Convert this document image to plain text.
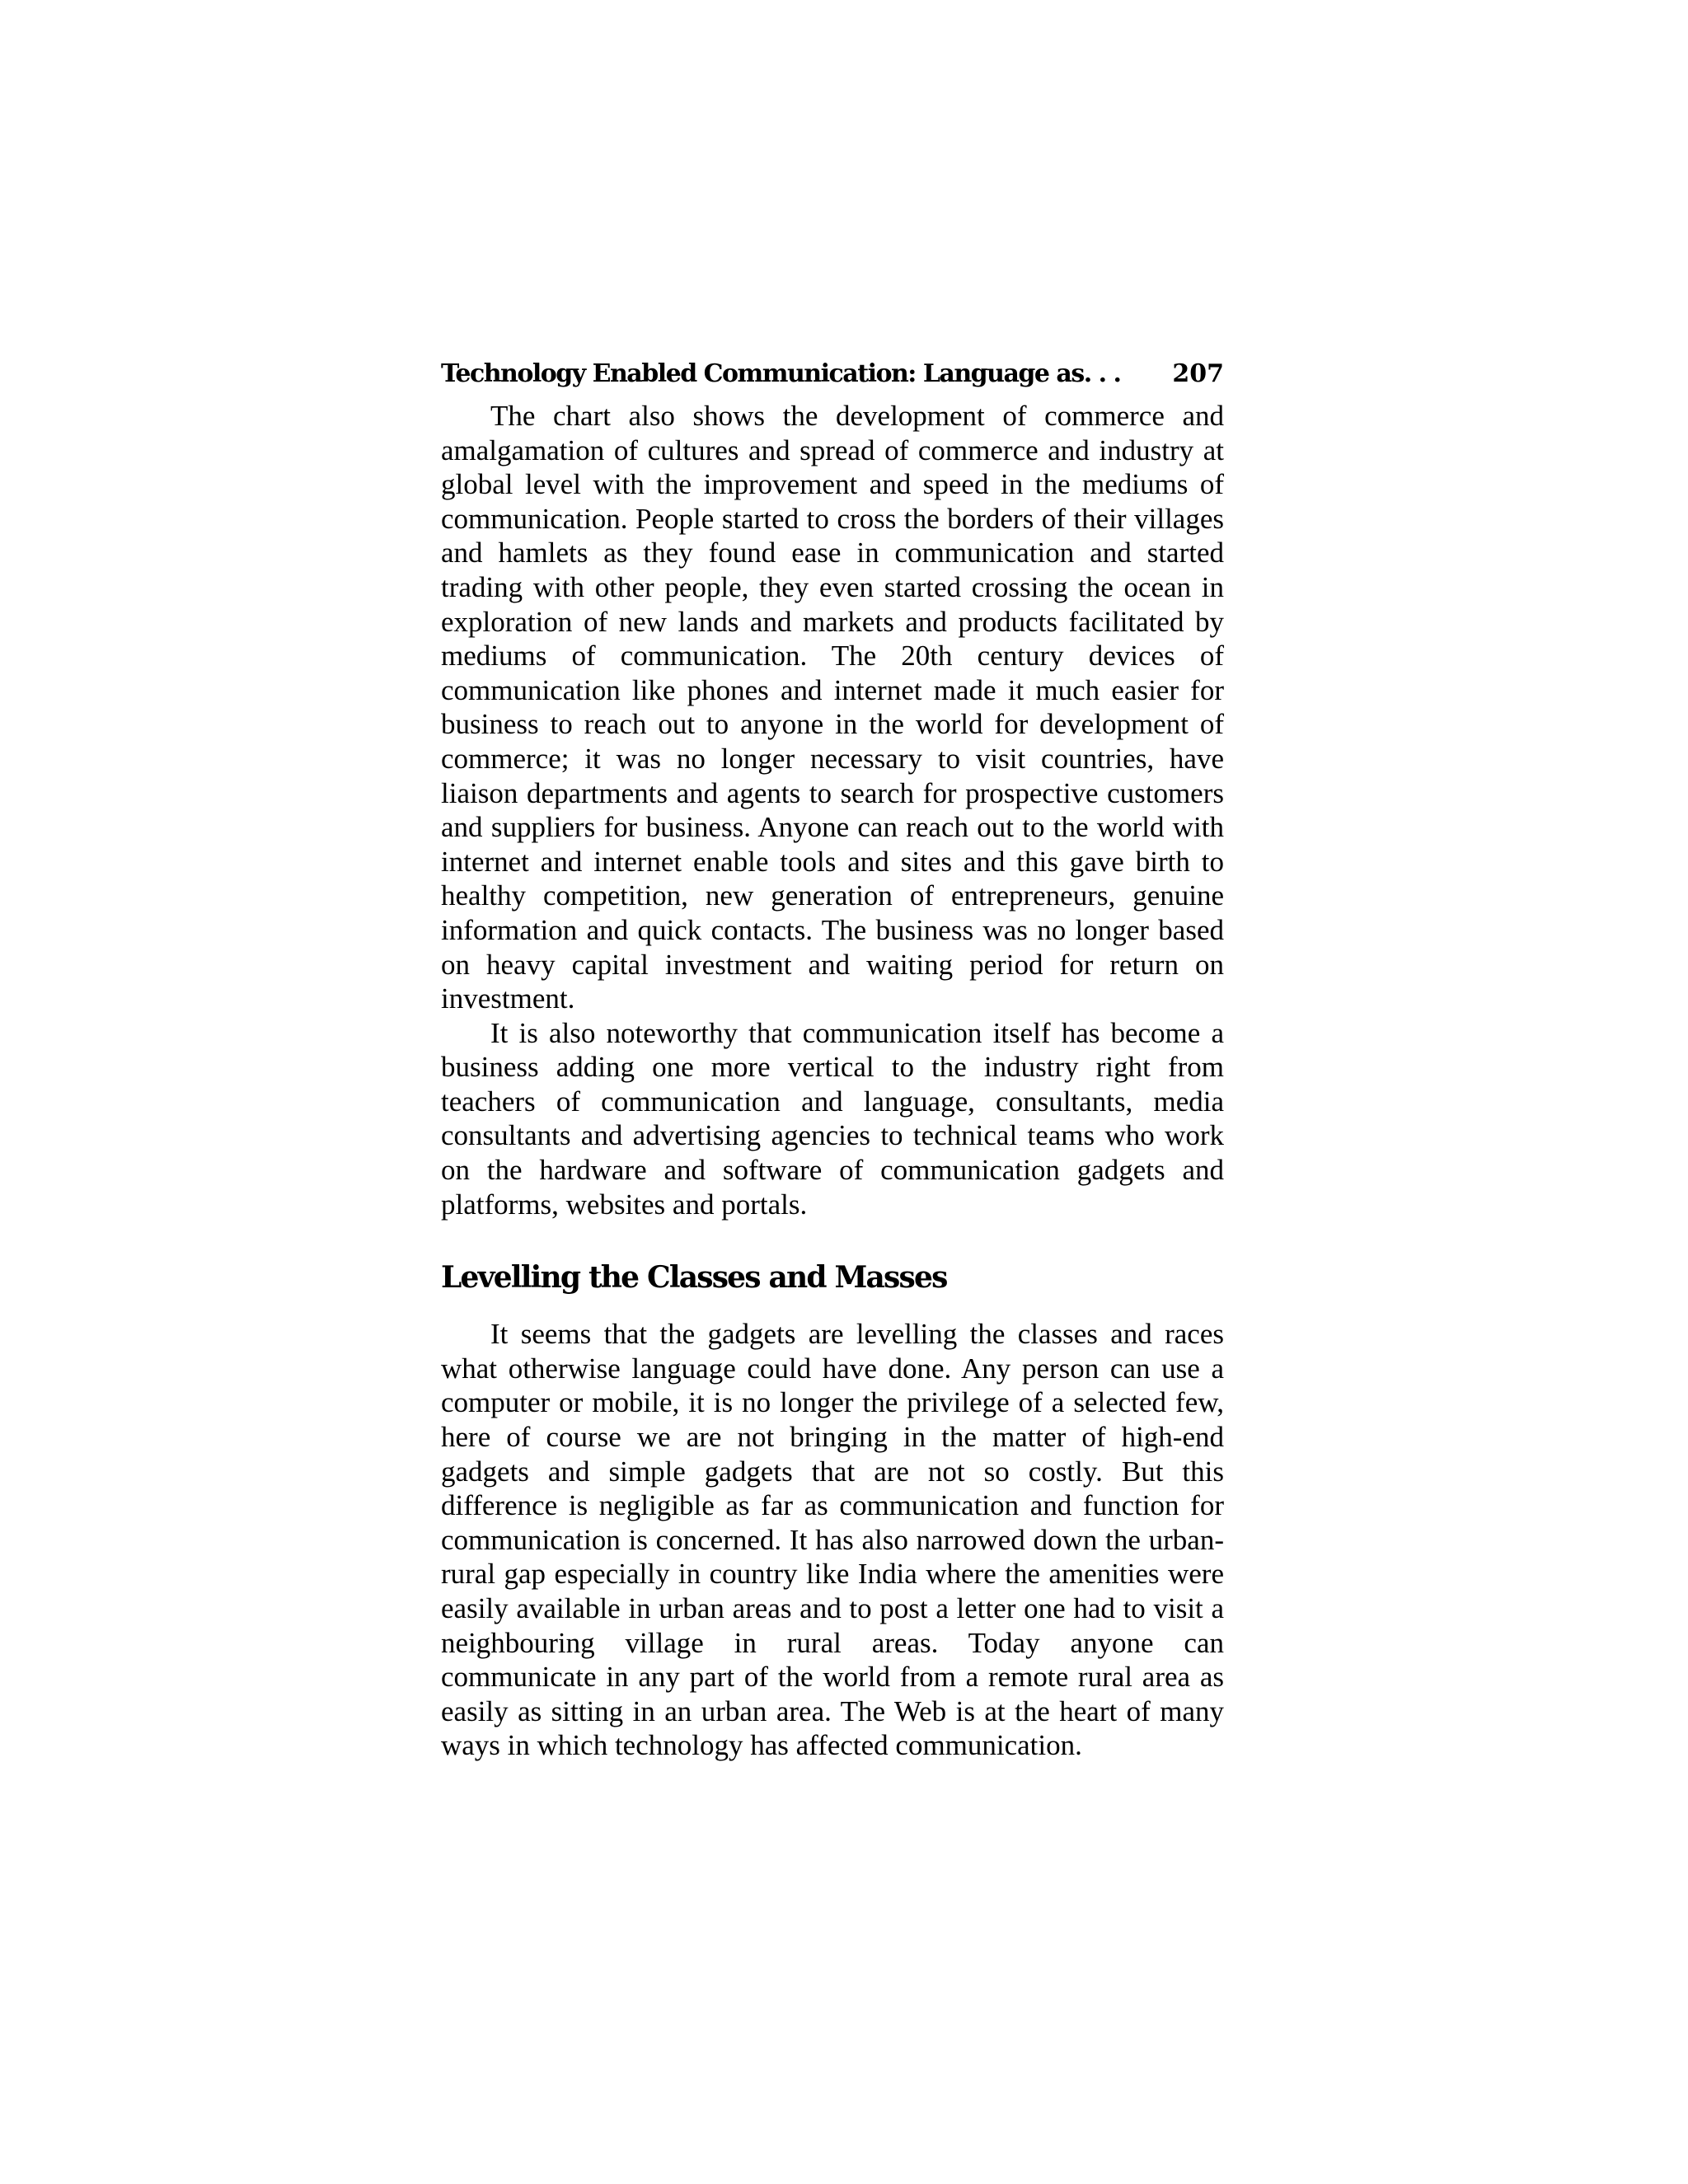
Technology Enabled Communication: Language as. . . 207

The chart also shows the development of commerce and amalgamation of cultures and spread of commerce and industry at global level with the improvement and speed in the mediums of communication. People started to cross the borders of their villages and hamlets as they found ease in communication and started trading with other people, they even started crossing the ocean in exploration of new lands and markets and products facilitated by mediums of communication. The 20th century devices of communication like phones and internet made it much easier for business to reach out to anyone in the world for development of commerce; it was no longer necessary to visit countries, have liaison departments and agents to search for prospective customers and suppliers for business. Anyone can reach out to the world with internet and internet enable tools and sites and this gave birth to healthy competition, new generation of entrepreneurs, genuine information and quick contacts. The business was no longer based on heavy capital investment and waiting period for return on investment.

It is also noteworthy that communication itself has become a business adding one more vertical to the industry right from teachers of communication and language, consultants, media consultants and advertising agencies to technical teams who work on the hardware and software of communication gadgets and platforms, websites and portals.

Levelling the Classes and Masses

It seems that the gadgets are levelling the classes and races what otherwise language could have done. Any person can use a computer or mobile, it is no longer the privilege of a selected few, here of course we are not bringing in the matter of high-end gadgets and simple gadgets that are not so costly. But this difference is negligible as far as communication and function for communication is concerned. It has also narrowed down the urban-rural gap especially in country like India where the amenities were easily available in urban areas and to post a letter one had to visit a neighbouring village in rural areas. Today anyone can communicate in any part of the world from a remote rural area as easily as sitting in an urban area. The Web is at the heart of many ways in which technology has affected communication.
